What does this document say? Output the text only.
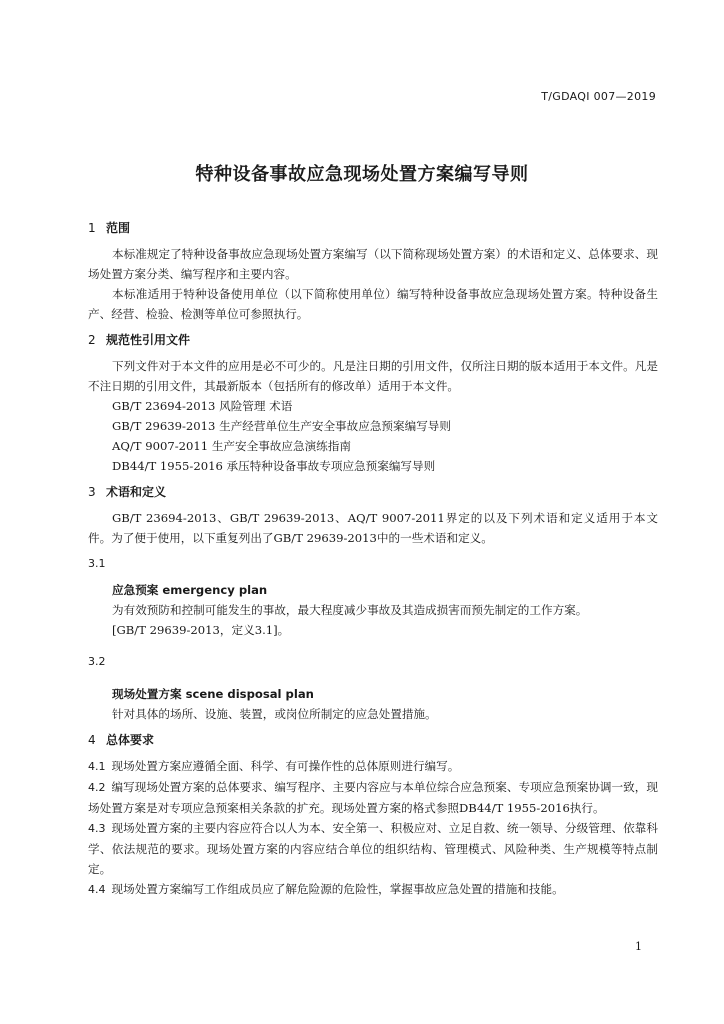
T/GDAQI 007—2019
特种设备事故应急现场处置方案编写导则
1 范围

本标准规定了特种设备事故应急现场处置方案编写（以下简称现场处置方案）的术语和定义、总体要求、现场处置方案分类、编写程序和主要内容。

本标准适用于特种设备使用单位（以下简称使用单位）编写特种设备事故应急现场处置方案。特种设备生产、经营、检验、检测等单位可参照执行。

2 规范性引用文件

下列文件对于本文件的应用是必不可少的。凡是注日期的引用文件，仅所注日期的版本适用于本文件。凡是不注日期的引用文件，其最新版本（包括所有的修改单）适用于本文件。

GB/T 23694-2013 风险管理 术语

GB/T 29639-2013 生产经营单位生产安全事故应急预案编写导则

AQ/T 9007-2011 生产安全事故应急演练指南

DB44/T 1955-2016 承压特种设备事故专项应急预案编写导则

3 术语和定义

GB/T 23694-2013、GB/T 29639-2013、AQ/T 9007-2011界定的以及下列术语和定义适用于本文件。为了便于使用，以下重复列出了GB/T 29639-2013中的一些术语和定义。

3.1

应急预案 emergency plan

为有效预防和控制可能发生的事故，最大程度减少事故及其造成损害而预先制定的工作方案。

[GB/T 29639-2013，定义3.1]。

3.2

现场处置方案 scene disposal plan

针对具体的场所、设施、装置，或岗位所制定的应急处置措施。

4 总体要求

4.1 现场处置方案应遵循全面、科学、有可操作性的总体原则进行编写。

4.2 编写现场处置方案的总体要求、编写程序、主要内容应与本单位综合应急预案、专项应急预案协调一致，现场处置方案是对专项应急预案相关条款的扩充。现场处置方案的格式参照DB44/T 1955-2016执行。

4.3 现场处置方案的主要内容应符合以人为本、安全第一、积极应对、立足自救、统一领导、分级管理、依靠科学、依法规范的要求。现场处置方案的内容应结合单位的组织结构、管理模式、风险种类、生产规模等特点制定。

4.4 现场处置方案编写工作组成员应了解危险源的危险性，掌握事故应急处置的措施和技能。

1
